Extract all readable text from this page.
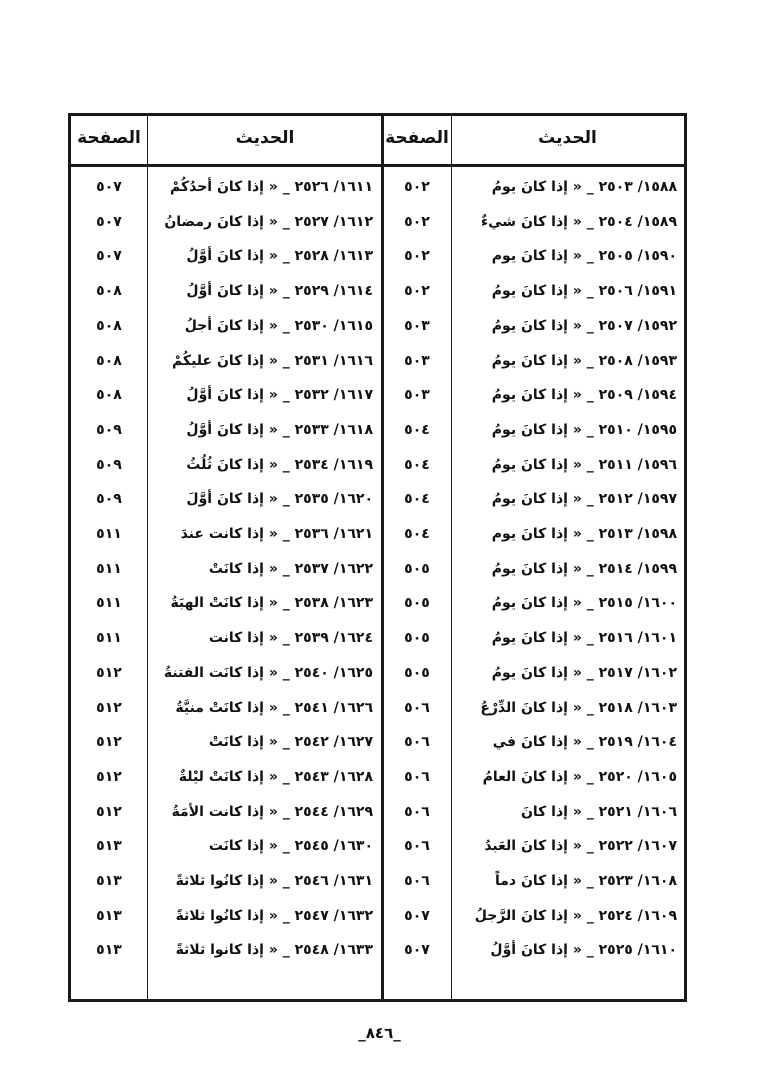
الحديث
الصفحة
الحديث
الصفحة
١٥٨٨/ ٢٥٠٣ _ « إذا كانَ يومُ
٥٠٢
١٦١١/ ٢٥٢٦ _ « إذا كانَ أحدُكُمْ
٥٠٧
١٥٨٩/ ٢٥٠٤ _ « إذا كانَ شيءٌ
٥٠٢
١٦١٢/ ٢٥٢٧ _ « إذا كانَ رمضانُ
٥٠٧
١٥٩٠/ ٢٥٠٥ _ « إذا كانَ يوم
٥٠٢
١٦١٣/ ٢٥٢٨ _ « إذا كانَ أوَّلُ
٥٠٧
١٥٩١/ ٢٥٠٦ _ « إذا كانَ يومُ
٥٠٢
١٦١٤/ ٢٥٢٩ _ « إذا كانَ أوَّلُ
٥٠٨
١٥٩٢/ ٢٥٠٧ _ « إذا كانَ يومُ
٥٠٣
١٦١٥/ ٢٥٣٠ _ « إذا كانَ أجلُ
٥٠٨
١٥٩٣/ ٢٥٠٨ _ « إذا كانَ يومُ
٥٠٣
١٦١٦/ ٢٥٣١ _ « إذا كانَ عليكُمْ
٥٠٨
١٥٩٤/ ٢٥٠٩ _ « إذا كانَ يومُ
٥٠٣
١٦١٧/ ٢٥٣٢ _ « إذا كانَ أوَّلُ
٥٠٨
١٥٩٥/ ٢٥١٠ _ « إذا كانَ يومُ
٥٠٤
١٦١٨/ ٢٥٣٣ _ « إذا كانَ أوَّلُ
٥٠٩
١٥٩٦/ ٢٥١١ _ « إذا كانَ يومُ
٥٠٤
١٦١٩/ ٢٥٣٤ _ « إذا كانَ ثُلُثُ
٥٠٩
١٥٩٧/ ٢٥١٢ _ « إذا كانَ يومُ
٥٠٤
١٦٢٠/ ٢٥٣٥ _ « إذا كانَ أوَّلَ
٥٠٩
١٥٩٨/ ٢٥١٣ _ « إذا كانَ يوم
٥٠٤
١٦٢١/ ٢٥٣٦ _ « إذا كانت عندَ
٥١١
١٥٩٩/ ٢٥١٤ _ « إذا كانَ يومُ
٥٠٥
١٦٢٢/ ٢٥٣٧ _ « إذا كانَتْ
٥١١
١٦٠٠/ ٢٥١٥ _ « إذا كانَ يومُ
٥٠٥
١٦٢٣/ ٢٥٣٨ _ « إذا كانَتْ الهبَةُ
٥١١
١٦٠١/ ٢٥١٦ _ « إذا كانَ يومُ
٥٠٥
١٦٢٤/ ٢٥٣٩ _ « إذا كانت
٥١١
١٦٠٢/ ٢٥١٧ _ « إذا كانَ يومُ
٥٠٥
١٦٢٥/ ٢٥٤٠ _ « إذا كانَت الفتنةُ
٥١٢
١٦٠٣/ ٢٥١٨ _ « إذا كانَ الدِّرْعُ
٥٠٦
١٦٢٦/ ٢٥٤١ _ « إذا كانَتْ منيَّةُ
٥١٢
١٦٠٤/ ٢٥١٩ _ « إذا كانَ في
٥٠٦
١٦٢٧/ ٢٥٤٢ _ « إذا كانَتْ
٥١٢
١٦٠٥/ ٢٥٢٠ _ « إذا كانَ العامُ
٥٠٦
١٦٢٨/ ٢٥٤٣ _ « إذا كانَتْ ليْلةٌ
٥١٢
١٦٠٦/ ٢٥٢١ _ « إذا كانَ
٥٠٦
١٦٢٩/ ٢٥٤٤ _ « إذا كانت الأمَةُ
٥١٢
١٦٠٧/ ٢٥٢٢ _ « إذا كانَ العَبدُ
٥٠٦
١٦٣٠/ ٢٥٤٥ _ « إذا كانَت
٥١٣
١٦٠٨/ ٢٥٢٣ _ « إذا كانَ دماً
٥٠٦
١٦٣١/ ٢٥٤٦ _ « إذا كانُوا ثلاثةً
٥١٣
١٦٠٩/ ٢٥٢٤ _ « إذا كانَ الرَّجلُ
٥٠٧
١٦٣٢/ ٢٥٤٧ _ « إذا كانُوا ثلاثةً
٥١٣
١٦١٠/ ٢٥٢٥ _ « إذا كانَ أوَّلُ
٥٠٧
١٦٣٣/ ٢٥٤٨ _ « إذا كانوا ثلاثةً
٥١٣
_٨٤٦_
